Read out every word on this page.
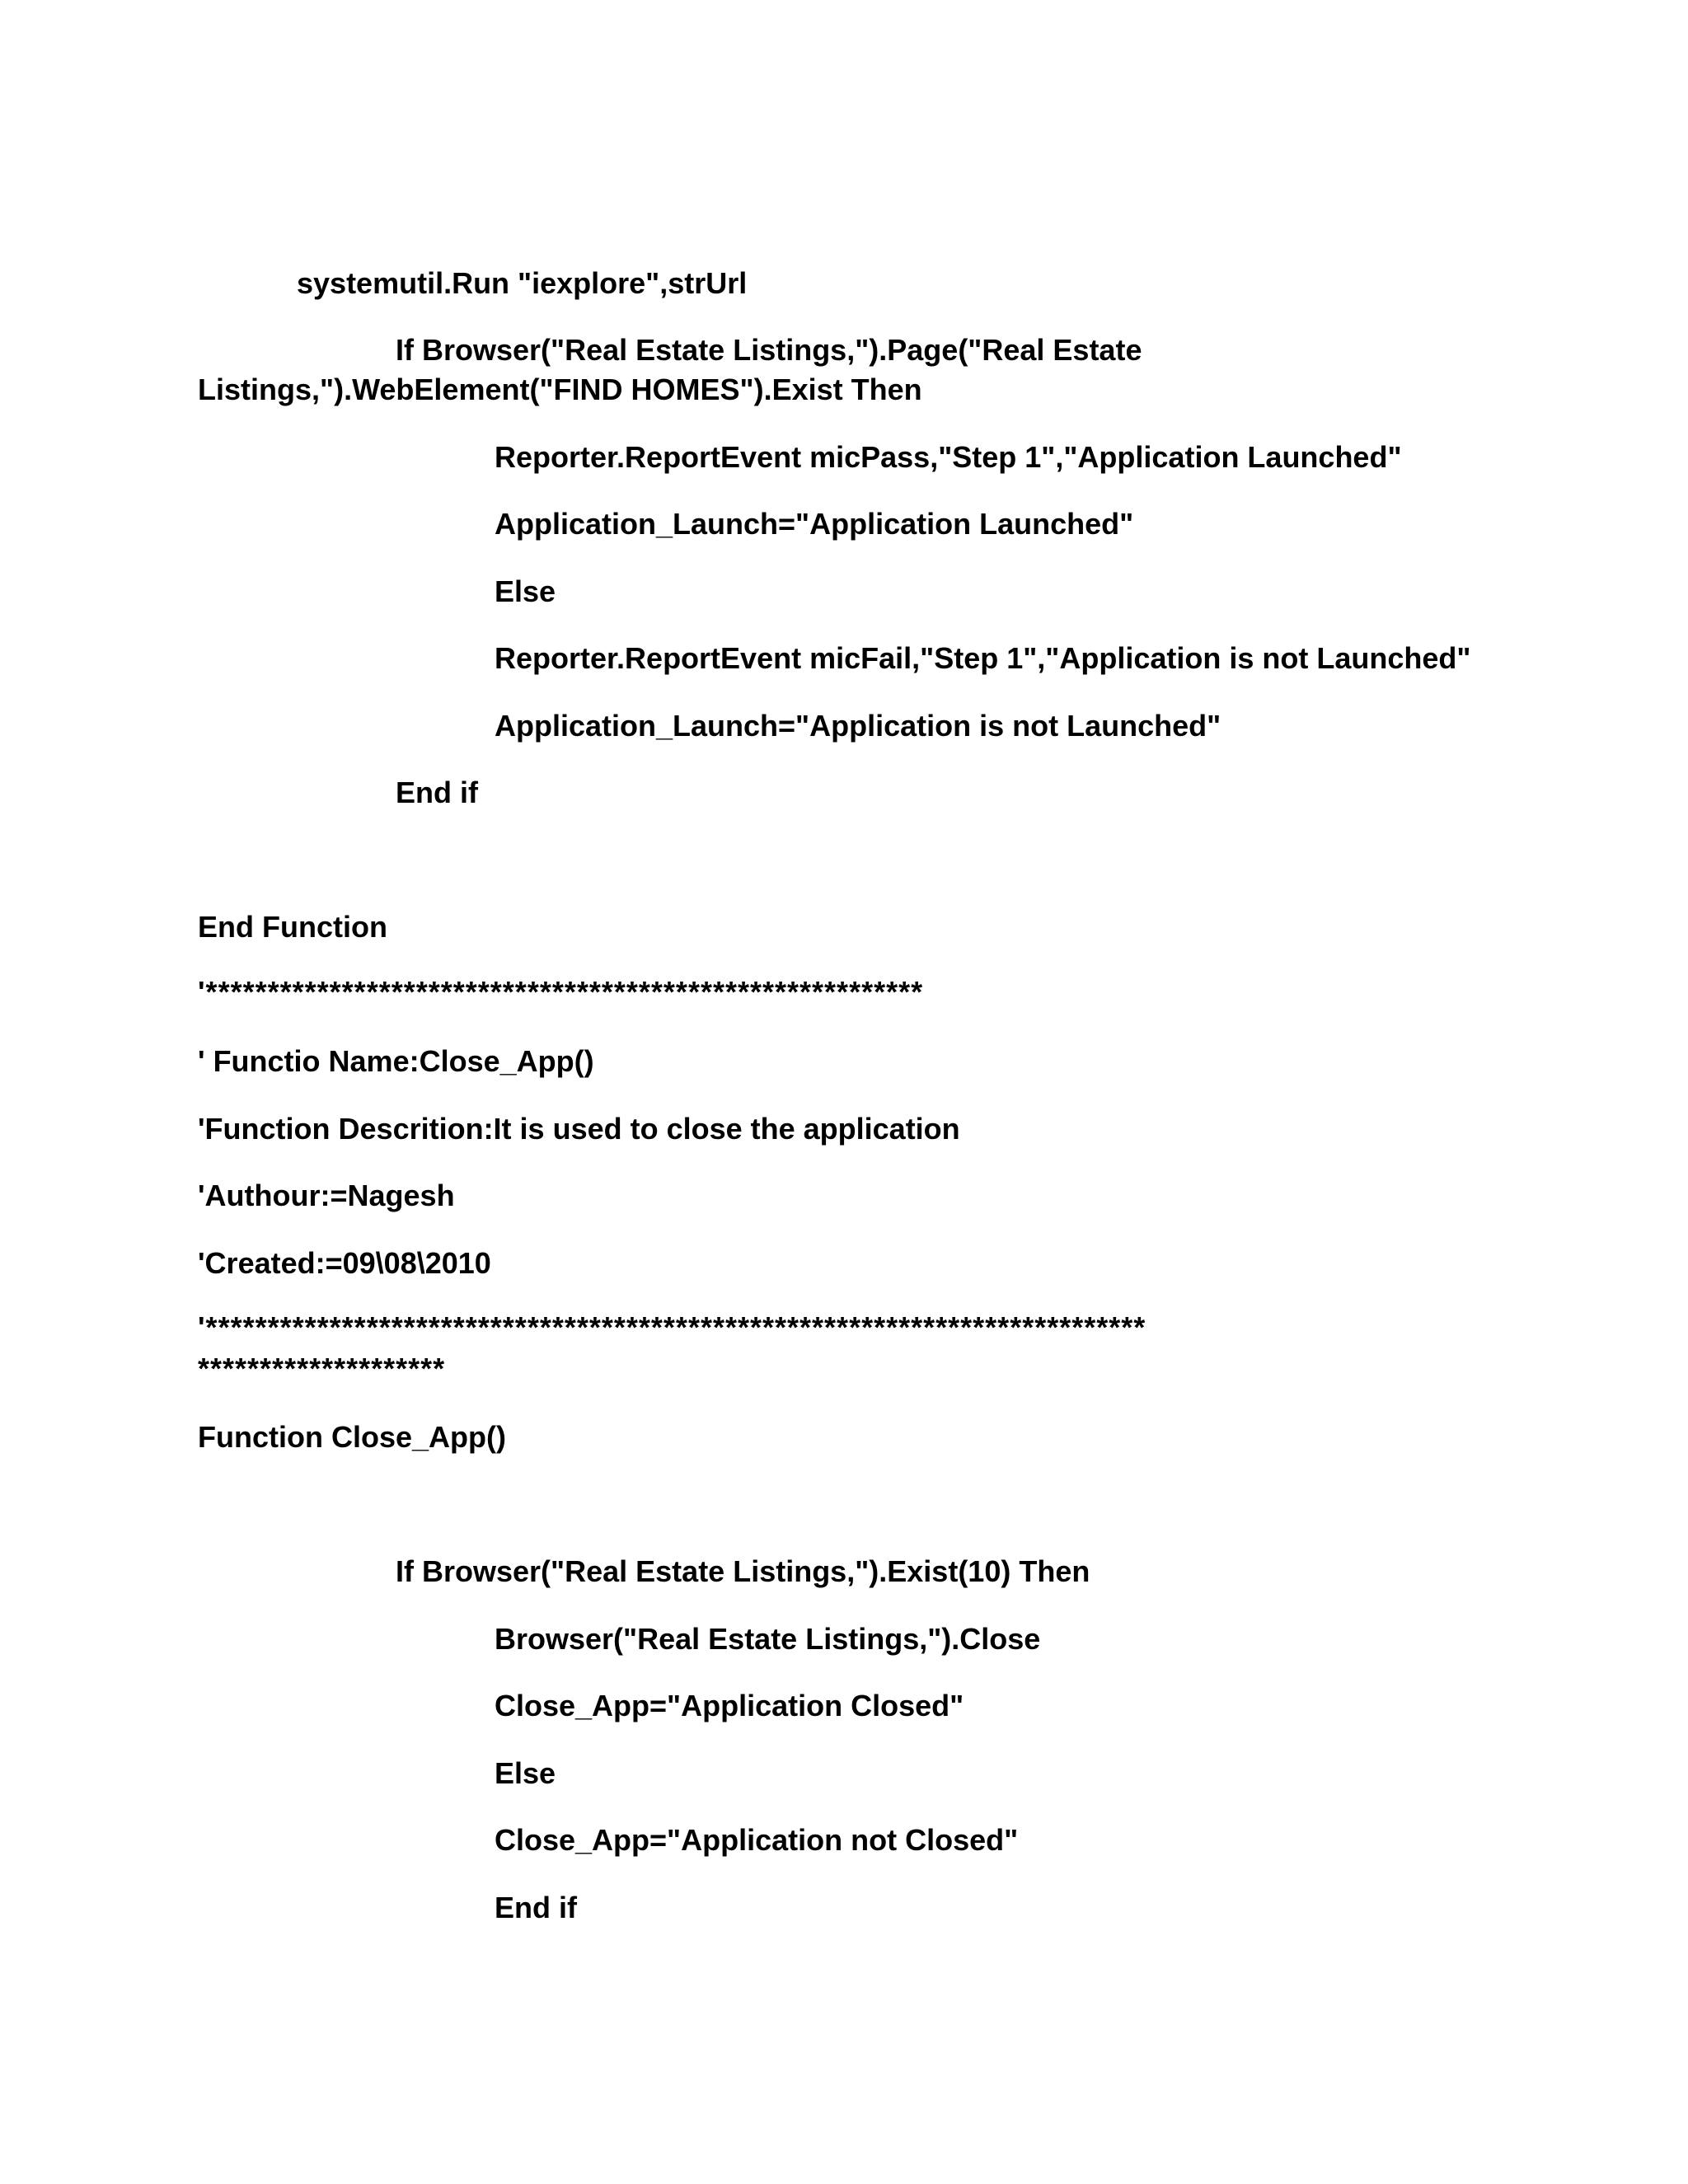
systemutil.Run "iexplore",strUrl

If Browser("Real Estate Listings,").Page("Real Estate

Listings,").WebElement("FIND HOMES").Exist Then

Reporter.ReportEvent micPass,"Step 1","Application Launched"

Application_Launch="Application Launched"

Else

Reporter.ReportEvent micFail,"Step 1","Application is not Launched"

Application_Launch="Application is not Launched"

End if

End Function

'**********************************************************

' Functio Name:Close_App()

'Function Descrition:It is used to close the application

'Authour:=Nagesh

'Created:=09\08\2010

'****************************************************************************

********************

Function Close_App()

If Browser("Real Estate Listings,").Exist(10) Then

Browser("Real Estate Listings,").Close

Close_App="Application Closed"

Else

Close_App="Application not Closed"

End if
